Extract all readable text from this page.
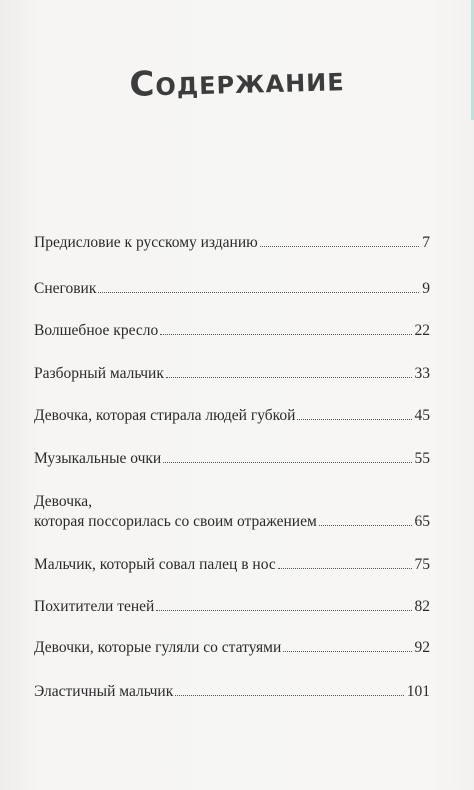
Содержание
Предисловие к русскому изданию	7
Снеговик	9
Волшебное кресло	22
Разборный мальчик	33
Девочка, которая стирала людей губкой	45
Музыкальные очки	55
Девочка,
которая поссорилась со своим отражением	65
Мальчик, который совал палец в нос	75
Похитители теней	82
Девочки, которые гуляли со статуями	92
Эластичный мальчик	101
